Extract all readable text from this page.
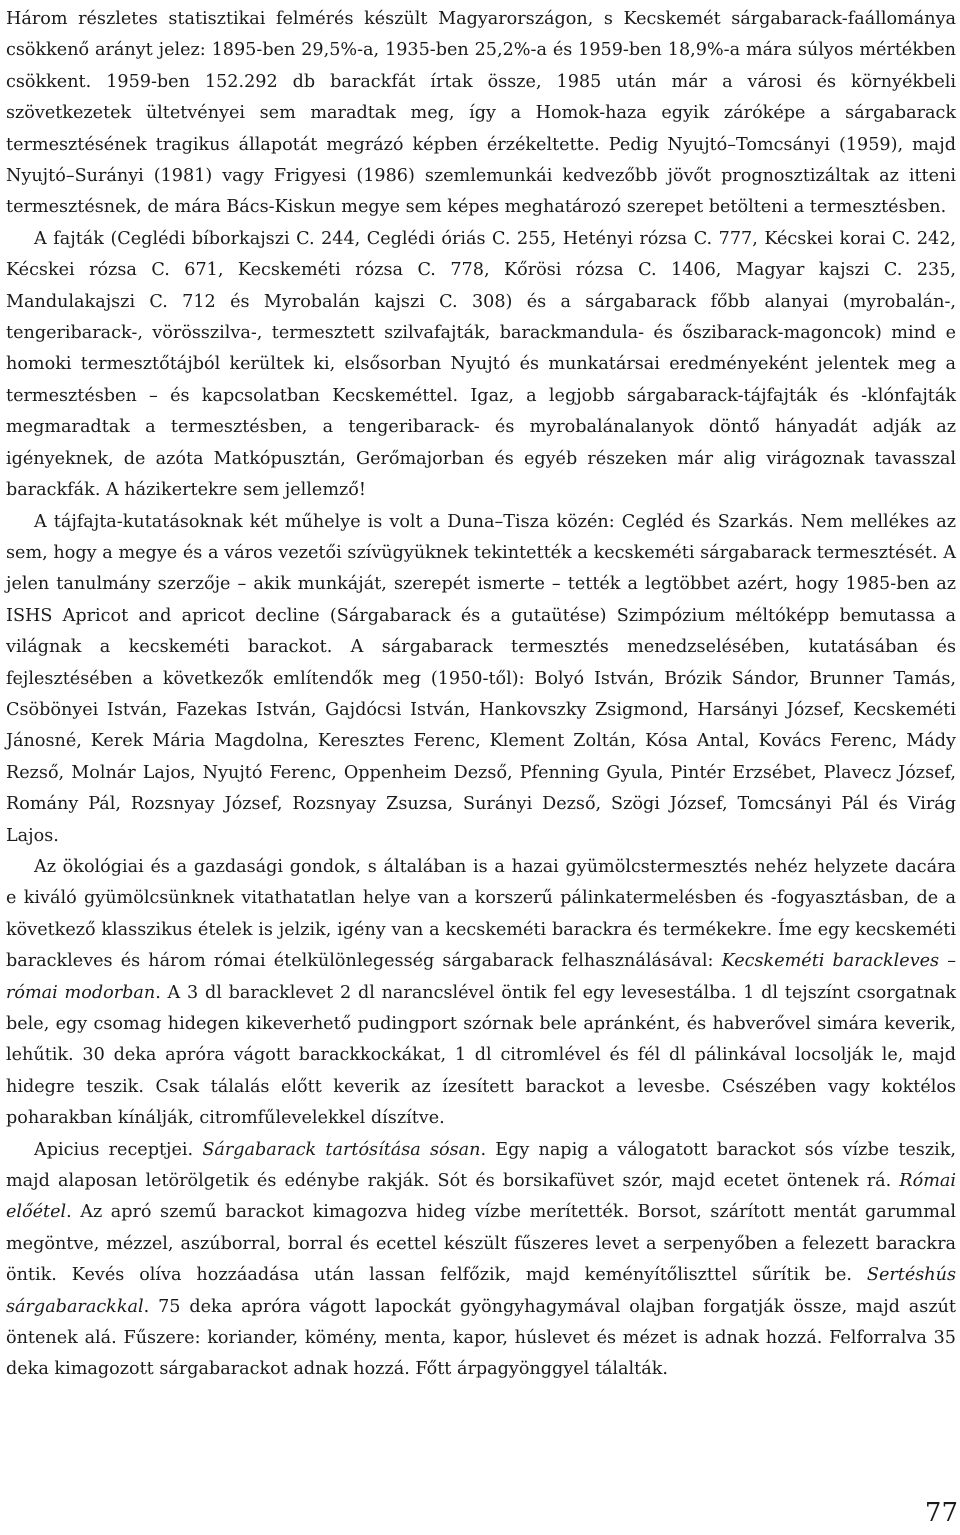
Három részletes statisztikai felmérés készült Magyarországon, s Kecskemét sárgabarack-faállománya csökkenő arányt jelez: 1895-ben 29,5%-a, 1935-ben 25,2%-a és 1959-ben 18,9%-a mára súlyos mértékben csökkent. 1959-ben 152.292 db barackfát írtak össze, 1985 után már a városi és környékbeli szövetkezetek ültetvényei sem maradtak meg, így a Homok-haza egyik záróképe a sárgabarack termesztésének tragikus állapotát megrázó képben érzékeltette. Pedig Nyujtó–Tomcsányi (1959), majd Nyujtó–Surányi (1981) vagy Frigyesi (1986) szemlemunkái kedvezőbb jövőt prognosztizáltak az itteni termesztésnek, de mára Bács-Kiskun megye sem képes meghatározó szerepet betölteni a termesztésben.

A fajták (Ceglédi bíborkajszi C. 244, Ceglédi óriás C. 255, Hetényi rózsa C. 777, Kécskei korai C. 242, Kécskei rózsa C. 671, Kecskeméti rózsa C. 778, Kőrösi rózsa C. 1406, Magyar kajszi C. 235, Mandulakajszi C. 712 és Myrobalán kajszi C. 308) és a sárgabarack főbb alanyai (myrobalán-, tengeribarack-, vörösszilva-, termesztett szilvafajták, barackmandula- és őszibarack-magoncok) mind e homoki termesztőtájból kerültek ki, elsősorban Nyujtó és munkatársai eredményeként jelentek meg a termesztésben – és kapcsolatban Kecskeméttel. Igaz, a legjobb sárgabarack-tájfajták és -klónfajták megmaradtak a termesztésben, a tengeribarack- és myrobalánalanyok döntő hányadát adják az igényeknek, de azóta Matkópusztán, Gerőmajorban és egyéb részeken már alig virágoznak tavasszal barackfák. A házikertekre sem jellemző!

A tájfajta-kutatásoknak két műhelye is volt a Duna–Tisza közén: Cegléd és Szarkás. Nem mellékes az sem, hogy a megye és a város vezetői szívügyüknek tekintették a kecskeméti sárgabarack termesztését. A jelen tanulmány szerzője – akik munkáját, szerepét ismerte – tették a legtöbbet azért, hogy 1985-ben az ISHS Apricot and apricot decline (Sárgabarack és a gutaütése) Szimpózium méltóképp bemutassa a világnak a kecskeméti barackot. A sárgabarack termesztés menedzselésében, kutatásában és fejlesztésében a következők említendők meg (1950-től): Bolyó István, Brózik Sándor, Brunner Tamás, Csöbönyei István, Fazekas István, Gajdócsi István, Hankovszky Zsigmond, Harsányi József, Kecskeméti Jánosné, Kerek Mária Magdolna, Keresztes Ferenc, Klement Zoltán, Kósa Antal, Kovács Ferenc, Mády Rezső, Molnár Lajos, Nyujtó Ferenc, Oppenheim Dezső, Pfenning Gyula, Pintér Erzsébet, Plavecz József, Romány Pál, Rozsnyay József, Rozsnyay Zsuzsa, Surányi Dezső, Szögi József, Tomcsányi Pál és Virág Lajos.

Az ökológiai és a gazdasági gondok, s általában is a hazai gyümölcstermesztés nehéz helyzete dacára e kiváló gyümölcsünknek vitathatatlan helye van a korszerű pálinkatermelésben és -fogyasztásban, de a következő klasszikus ételek is jelzik, igény van a kecskeméti barackra és termékekre. Íme egy kecskeméti barackleves és három római ételkülönlegesség sárgabarack felhasználásával: Kecskeméti barackleves – római modorban. A 3 dl baracklevet 2 dl narancslével öntik fel egy levesestálba. 1 dl tejszínt csorgatnak bele, egy csomag hidegen kikeverhető pudingport szórnak bele apránként, és habverővel simára keverik, lehűtik. 30 deka apróra vágott barackkockákat, 1 dl citromlével és fél dl pálinkával locsolják le, majd hidegre teszik. Csak tálalás előtt keverik az ízesített barackot a levesbe. Csészében vagy koktélos poharakban kínálják, citromfűlevelekkel díszítve.

Apicius receptjei. Sárgabarack tartósítása sósan. Egy napig a válogatott barackot sós vízbe teszik, majd alaposan letörölgetik és edénybe rakják. Sót és borsikafüvet szór, majd ecetet öntenek rá. Római előétel. Az apró szemű barackot kimagozva hideg vízbe merítették. Borsot, szárított mentát garummal megöntve, mézzel, aszúborral, borral és ecettel készült fűszeres levet a serpenyőben a felezett barackra öntik. Kevés olíva hozzáadása után lassan felfőzik, majd keményítőliszttel sűrítik be. Sertéshús sárgabarackkal. 75 deka apróra vágott lapockát gyöngyhagymával olajban forgatják össze, majd aszút öntenek alá. Fűszere: koriander, kömény, menta, kapor, húslevet és mézet is adnak hozzá. Felforralva 35 deka kimagozott sárgabarackot adnak hozzá. Főtt árpagyönggyel tálalták.

77
